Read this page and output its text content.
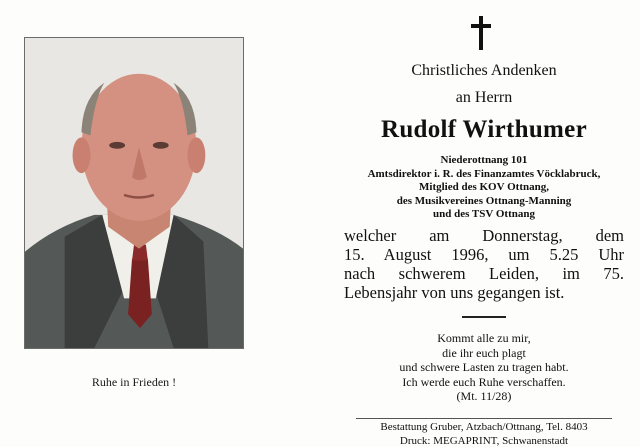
Ruhe in Frieden !
Christliches Andenken
an Herrn
Rudolf Wirthumer
Niederottnang 101
Amtsdirektor i. R. des Finanzamtes Vöcklabruck,
Mitglied des KOV Ottnang,
des Musikvereines Ottnang-Manning
und des TSV Ottnang
welcher am Donnerstag, dem
15. August 1996, um 5.25 Uhr
nach schwerem Leiden, im 75.
Lebensjahr von uns gegangen ist.
Kommt alle zu mir,
die ihr euch plagt
und schwere Lasten zu tragen habt.
Ich werde euch Ruhe verschaffen.
(Mt. 11/28)
Bestattung Gruber, Atzbach/Ottnang, Tel. 8403
Druck: MEGAPRINT, Schwanenstadt
